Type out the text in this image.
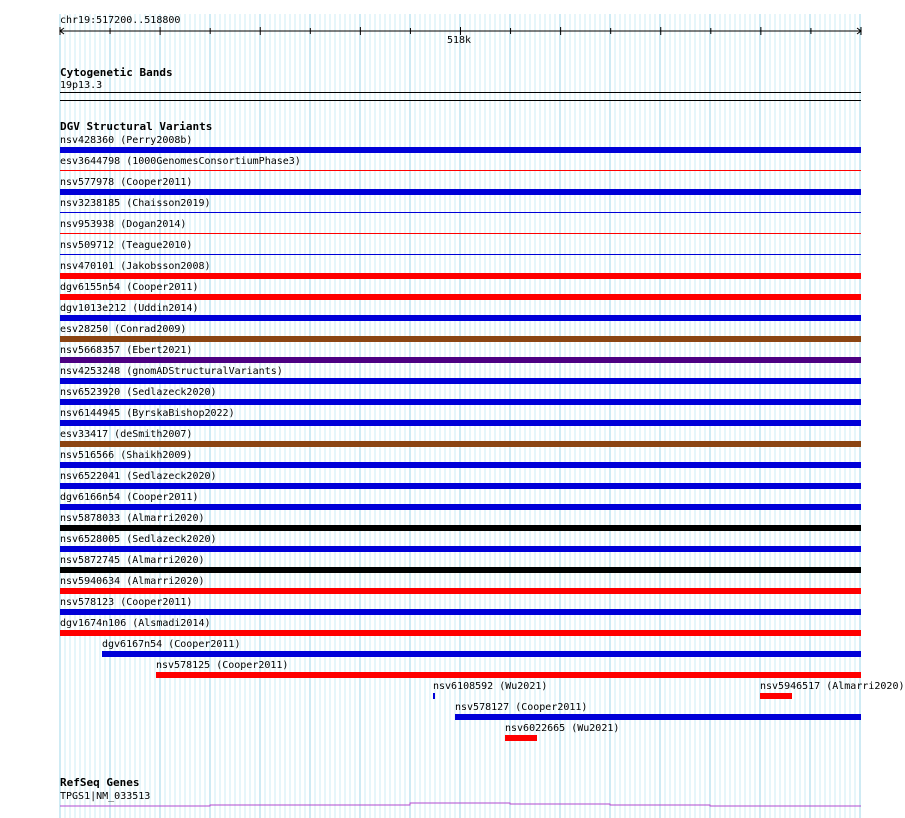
chr19:517200..518800
518k
Cytogenetic Bands
19p13.3
DGV Structural Variants
nsv428360 (Perry2008b)
esv3644798 (1000GenomesConsortiumPhase3)
nsv577978 (Cooper2011)
nsv3238185 (Chaisson2019)
nsv953938 (Dogan2014)
nsv509712 (Teague2010)
nsv470101 (Jakobsson2008)
dgv6155n54 (Cooper2011)
dgv1013e212 (Uddin2014)
esv28250 (Conrad2009)
nsv5668357 (Ebert2021)
nsv4253248 (gnomADStructuralVariants)
nsv6523920 (Sedlazeck2020)
nsv6144945 (ByrskaBishop2022)
esv33417 (deSmith2007)
nsv516566 (Shaikh2009)
nsv6522041 (Sedlazeck2020)
dgv6166n54 (Cooper2011)
nsv5878033 (Almarri2020)
nsv6528005 (Sedlazeck2020)
nsv5872745 (Almarri2020)
nsv5940634 (Almarri2020)
nsv578123 (Cooper2011)
dgv1674n106 (Alsmadi2014)
dgv6167n54 (Cooper2011)
nsv578125 (Cooper2011)
nsv6108592 (Wu2021)	nsv5946517 (Almarri2020)
nsv578127 (Cooper2011)
nsv6022665 (Wu2021)
RefSeq Genes
TPGS1|NM_033513
